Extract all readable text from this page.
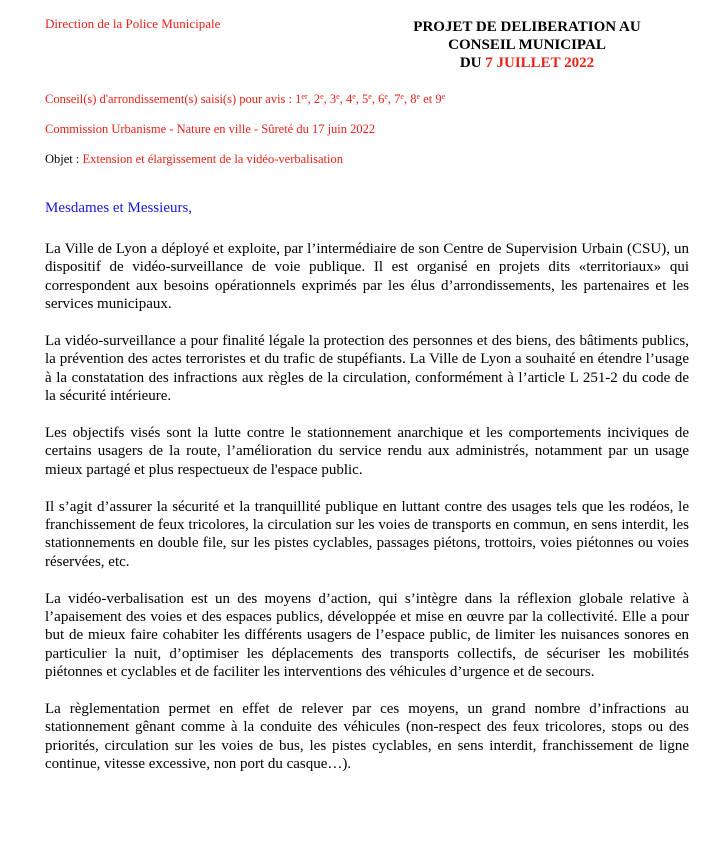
Direction de la Police Municipale	PROJET DE DELIBERATION AU
CONSEIL MUNICIPAL
DU 7 JUILLET 2022
Conseil(s) d'arrondissement(s) saisi(s) pour avis : 1er, 2e, 3e, 4e, 5e, 6e, 7e, 8e et 9e
Commission Urbanisme - Nature en ville - Sûreté du 17 juin 2022
Objet : Extension et élargissement de la vidéo-verbalisation
Mesdames et Messieurs,

La Ville de Lyon a déployé et exploite, par l’intermédiaire de son Centre de Supervision Urbain (CSU), un dispositif de vidéo-surveillance de voie publique. Il est organisé en projets dits «territoriaux» qui correspondent aux besoins opérationnels exprimés par les élus d’arrondissements, les partenaires et les services municipaux.

La vidéo-surveillance a pour finalité légale la protection des personnes et des biens, des bâtiments publics, la prévention des actes terroristes et du trafic de stupéfiants. La Ville de Lyon a souhaité en étendre l’usage à la constatation des infractions aux règles de la circulation, conformément à l’article L 251-2 du code de la sécurité intérieure.

Les objectifs visés sont la lutte contre le stationnement anarchique et les comportements inciviques de certains usagers de la route, l’amélioration du service rendu aux administrés, notamment par un usage mieux partagé et plus respectueux de l'espace public.

Il s’agit d’assurer la sécurité et la tranquillité publique en luttant contre des usages tels que les rodéos, le franchissement de feux tricolores, la circulation sur les voies de transports en commun, en sens interdit, les stationnements en double file, sur les pistes cyclables, passages piétons, trottoirs, voies piétonnes ou voies réservées, etc.

La vidéo-verbalisation est un des moyens d’action, qui s’intègre dans la réflexion globale relative à l’apaisement des voies et des espaces publics, développée et mise en œuvre par la collectivité. Elle a pour but de mieux faire cohabiter les différents usagers de l’espace public, de limiter les nuisances sonores en particulier la nuit, d’optimiser les déplacements des transports collectifs, de sécuriser les mobilités piétonnes et cyclables et de faciliter les interventions des véhicules d’urgence et de secours.

La règlementation permet en effet de relever par ces moyens, un grand nombre d’infractions au stationnement gênant comme à la conduite des véhicules (non-respect des feux tricolores, stops ou des priorités, circulation sur les voies de bus, les pistes cyclables, en sens interdit, franchissement de ligne continue, vitesse excessive, non port du casque…).
